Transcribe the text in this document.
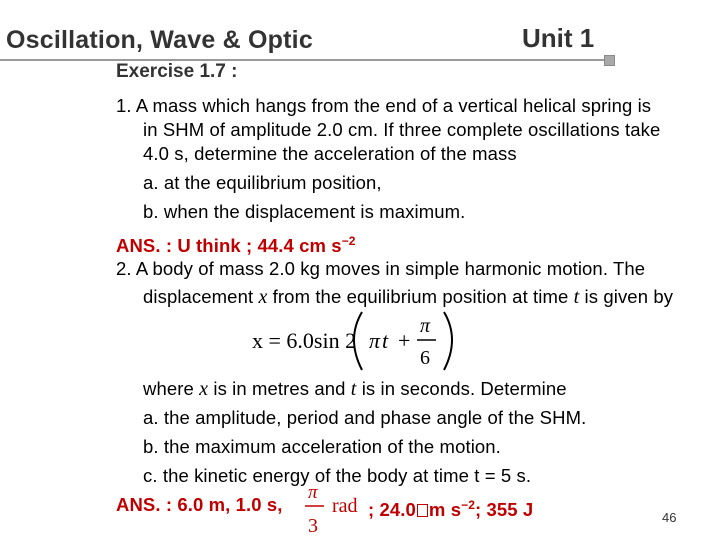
Oscillation, Wave & Optic	Unit 1
Exercise 1.7 :
1. A mass which hangs from the end of a vertical helical spring is
in SHM of amplitude 2.0 cm. If three complete oscillations take
4.0 s, determine the acceleration of the mass
a. at the equilibrium position,
b. when the displacement is maximum.
ANS. : U think ; 44.4 cm $s^{-2}$
2. A body of mass 2.0 kg moves in simple harmonic motion. The
displacement x from the equilibrium position at time t is given by
x = 6.0sin 2 π t +
π
6
where x is in metres and t is in seconds. Determine
a. the amplitude, period and phase angle of the SHM.
b. the maximum acceleration of the motion.
c. the kinetic energy of the body at time t = 5 s.
ANS. : 6.0 m, 1.0 s,
π
3
rad ; 24.0 m $s^{-2}$; 355 J	46
